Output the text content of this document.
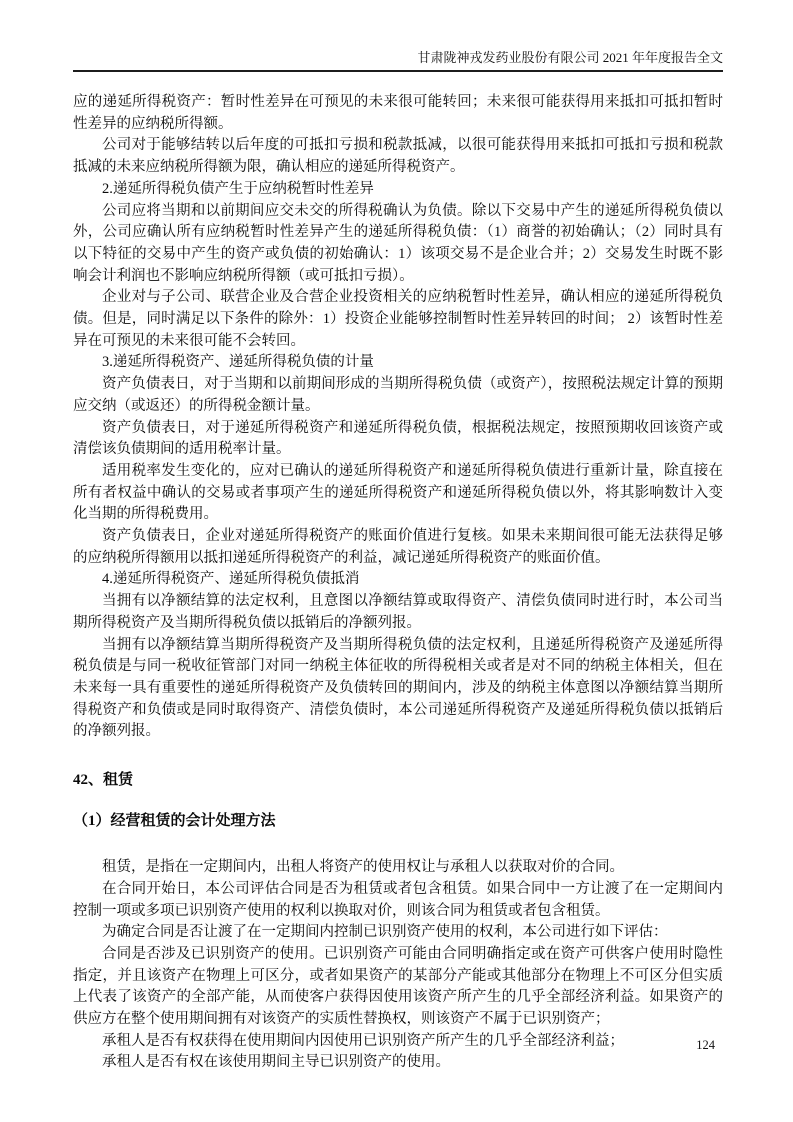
甘肃陇神戎发药业股份有限公司 2021 年年度报告全文

应的递延所得税资产：暂时性差异在可预见的未来很可能转回；未来很可能获得用来抵扣可抵扣暂时性差异的应纳税所得额。

公司对于能够结转以后年度的可抵扣亏损和税款抵减，以很可能获得用来抵扣可抵扣亏损和税款抵减的未来应纳税所得额为限，确认相应的递延所得税资产。

2.递延所得税负债产生于应纳税暂时性差异

公司应将当期和以前期间应交未交的所得税确认为负债。除以下交易中产生的递延所得税负债以外，公司应确认所有应纳税暂时性差异产生的递延所得税负债：（1）商誉的初始确认；（2）同时具有以下特征的交易中产生的资产或负债的初始确认：1）该项交易不是企业合并；2）交易发生时既不影响会计利润也不影响应纳税所得额（或可抵扣亏损）。

企业对与子公司、联营企业及合营企业投资相关的应纳税暂时性差异，确认相应的递延所得税负债。但是，同时满足以下条件的除外：1）投资企业能够控制暂时性差异转回的时间； 2）该暂时性差异在可预见的未来很可能不会转回。

3.递延所得税资产、递延所得税负债的计量

资产负债表日，对于当期和以前期间形成的当期所得税负债（或资产），按照税法规定计算的预期应交纳（或返还）的所得税金额计量。

资产负债表日，对于递延所得税资产和递延所得税负债，根据税法规定，按照预期收回该资产或清偿该负债期间的适用税率计量。

适用税率发生变化的，应对已确认的递延所得税资产和递延所得税负债进行重新计量，除直接在所有者权益中确认的交易或者事项产生的递延所得税资产和递延所得税负债以外，将其影响数计入变化当期的所得税费用。

资产负债表日，企业对递延所得税资产的账面价值进行复核。如果未来期间很可能无法获得足够的应纳税所得额用以抵扣递延所得税资产的利益，减记递延所得税资产的账面价值。

4.递延所得税资产、递延所得税负债抵消

当拥有以净额结算的法定权利，且意图以净额结算或取得资产、清偿负债同时进行时，本公司当期所得税资产及当期所得税负债以抵销后的净额列报。

当拥有以净额结算当期所得税资产及当期所得税负债的法定权利，且递延所得税资产及递延所得税负债是与同一税收征管部门对同一纳税主体征收的所得税相关或者是对不同的纳税主体相关，但在未来每一具有重要性的递延所得税资产及负债转回的期间内，涉及的纳税主体意图以净额结算当期所得税资产和负债或是同时取得资产、清偿负债时，本公司递延所得税资产及递延所得税负债以抵销后的净额列报。

42、租赁
（1）经营租赁的会计处理方法

租赁，是指在一定期间内，出租人将资产的使用权让与承租人以获取对价的合同。

在合同开始日，本公司评估合同是否为租赁或者包含租赁。如果合同中一方让渡了在一定期间内控制一项或多项已识别资产使用的权利以换取对价，则该合同为租赁或者包含租赁。

为确定合同是否让渡了在一定期间内控制已识别资产使用的权利，本公司进行如下评估：

合同是否涉及已识别资产的使用。已识别资产可能由合同明确指定或在资产可供客户使用时隐性指定，并且该资产在物理上可区分，或者如果资产的某部分产能或其他部分在物理上不可区分但实质上代表了该资产的全部产能，从而使客户获得因使用该资产所产生的几乎全部经济利益。如果资产的供应方在整个使用期间拥有对该资产的实质性替换权，则该资产不属于已识别资产；

承租人是否有权获得在使用期间内因使用已识别资产所产生的几乎全部经济利益；

承租人是否有权在该使用期间主导已识别资产的使用。

124
